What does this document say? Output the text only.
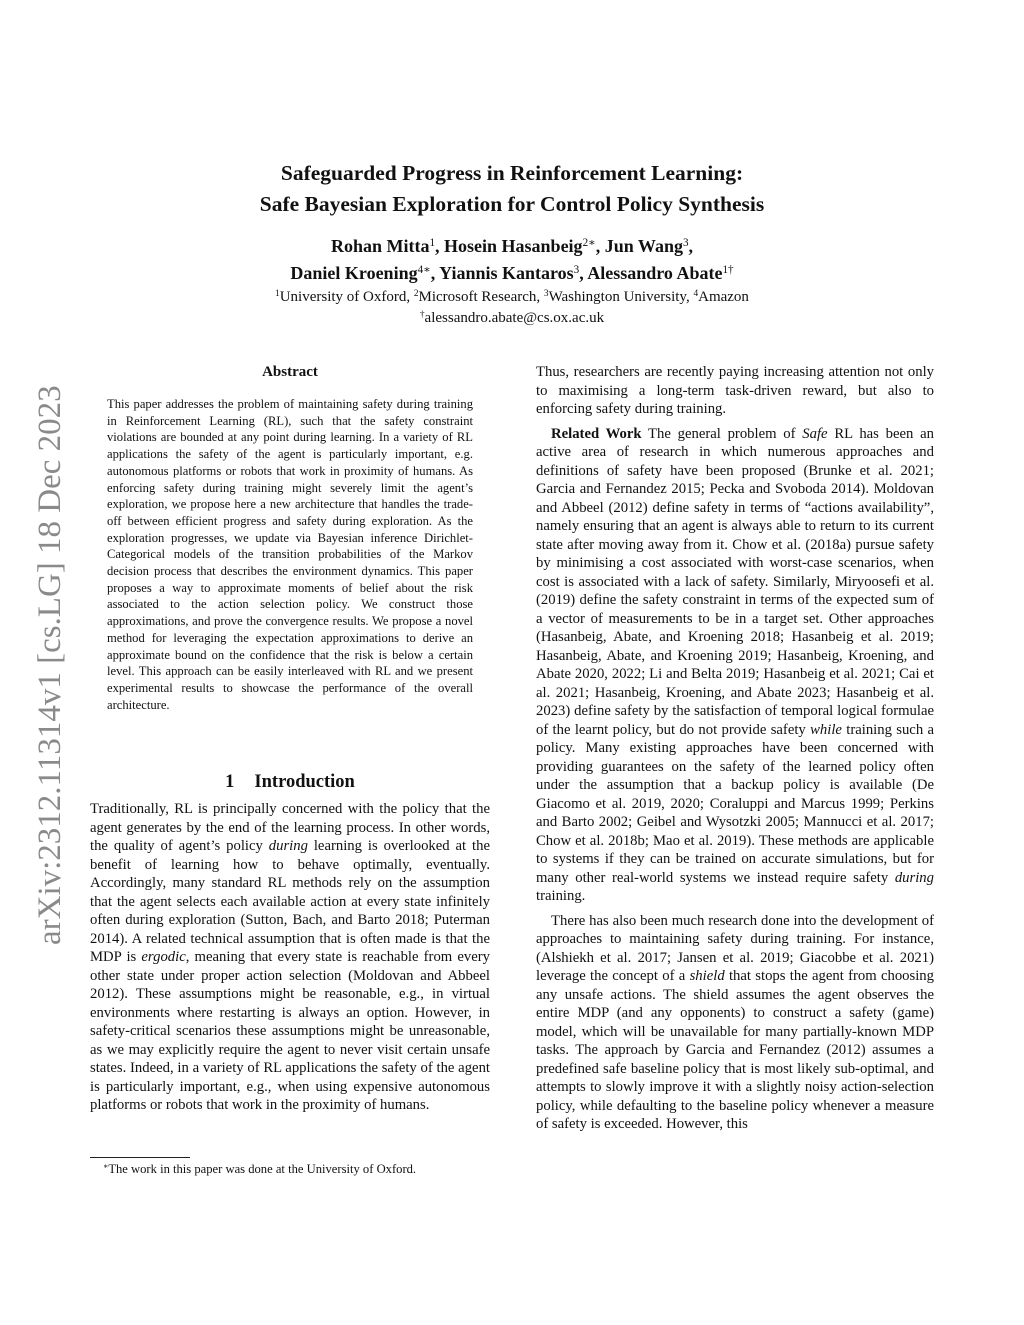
Safeguarded Progress in Reinforcement Learning:
Safe Bayesian Exploration for Control Policy Synthesis
Rohan Mitta$^1$, Hosein Hasanbeig$^{2∗}$, Jun Wang$^3$,
Daniel Kroening$^{4∗}$, Yiannis Kantaros$^3$, Alessandro Abate$^{1\dagger}$
$^1$University of Oxford, $^2$Microsoft Research, $^3$Washington University, $^4$Amazon
†alessandro.abate@cs.ox.ac.uk
arXiv:2312.11314v1 [cs.LG] 18 Dec 2023
Abstract
This paper addresses the problem of maintaining safety during training in Reinforcement Learning (RL), such that the safety constraint violations are bounded at any point during learning. In a variety of RL applications the safety of the agent is particularly important, e.g. autonomous platforms or robots that work in proximity of humans. As enforcing safety during training might severely limit the agent’s exploration, we propose here a new architecture that handles the trade-off between efficient progress and safety during exploration. As the exploration progresses, we update via Bayesian inference Dirichlet-Categorical models of the transition probabilities of the Markov decision process that describes the environment dynamics. This paper proposes a way to approximate moments of belief about the risk associated to the action selection policy. We construct those approximations, and prove the convergence results. We propose a novel method for leveraging the expectation approximations to derive an approximate bound on the confidence that the risk is below a certain level. This approach can be easily interleaved with RL and we present experimental results to showcase the performance of the overall architecture.
1 Introduction

Traditionally, RL is principally concerned with the policy that the agent generates by the end of the learning process. In other words, the quality of agent’s policy during learning is overlooked at the benefit of learning how to behave optimally, eventually. Accordingly, many standard RL methods rely on the assumption that the agent selects each available action at every state infinitely often during exploration (Sutton, Bach, and Barto 2018; Puterman 2014). A related technical assumption that is often made is that the MDP is ergodic, meaning that every state is reachable from every other state under proper action selection (Moldovan and Abbeel 2012). These assumptions might be reasonable, e.g., in virtual environments where restarting is always an option. However, in safety-critical scenarios these assumptions might be unreasonable, as we may explicitly require the agent to never visit certain unsafe states. Indeed, in a variety of RL applications the safety of the agent is particularly important, e.g., when using expensive autonomous platforms or robots that work in the proximity of humans.

∗The work in this paper was done at the University of Oxford.

Thus, researchers are recently paying increasing attention not only to maximising a long-term task-driven reward, but also to enforcing safety during training.

Related Work The general problem of Safe RL has been an active area of research in which numerous approaches and definitions of safety have been proposed (Brunke et al. 2021; Garcia and Fernandez 2015; Pecka and Svoboda 2014). Moldovan and Abbeel (2012) define safety in terms of “actions availability”, namely ensuring that an agent is always able to return to its current state after moving away from it. Chow et al. (2018a) pursue safety by minimising a cost associated with worst-case scenarios, when cost is associated with a lack of safety. Similarly, Miryoosefi et al. (2019) define the safety constraint in terms of the expected sum of a vector of measurements to be in a target set. Other approaches (Hasanbeig, Abate, and Kroening 2018; Hasanbeig et al. 2019; Hasanbeig, Abate, and Kroening 2019; Hasanbeig, Kroening, and Abate 2020, 2022; Li and Belta 2019; Hasanbeig et al. 2021; Cai et al. 2021; Hasanbeig, Kroening, and Abate 2023; Hasanbeig et al. 2023) define safety by the satisfaction of temporal logical formulae of the learnt policy, but do not provide safety while training such a policy. Many existing approaches have been concerned with providing guarantees on the safety of the learned policy often under the assumption that a backup policy is available (De Giacomo et al. 2019, 2020; Coraluppi and Marcus 1999; Perkins and Barto 2002; Geibel and Wysotzki 2005; Mannucci et al. 2017; Chow et al. 2018b; Mao et al. 2019). These methods are applicable to systems if they can be trained on accurate simulations, but for many other real-world systems we instead require safety during training.

There has also been much research done into the development of approaches to maintaining safety during training. For instance, (Alshiekh et al. 2017; Jansen et al. 2019; Giacobbe et al. 2021) leverage the concept of a shield that stops the agent from choosing any unsafe actions. The shield assumes the agent observes the entire MDP (and any opponents) to construct a safety (game) model, which will be unavailable for many partially-known MDP tasks. The approach by Garcia and Fernandez (2012) assumes a predefined safe baseline policy that is most likely sub-optimal, and attempts to slowly improve it with a slightly noisy action-selection policy, while defaulting to the baseline policy whenever a measure of safety is exceeded. However, this
